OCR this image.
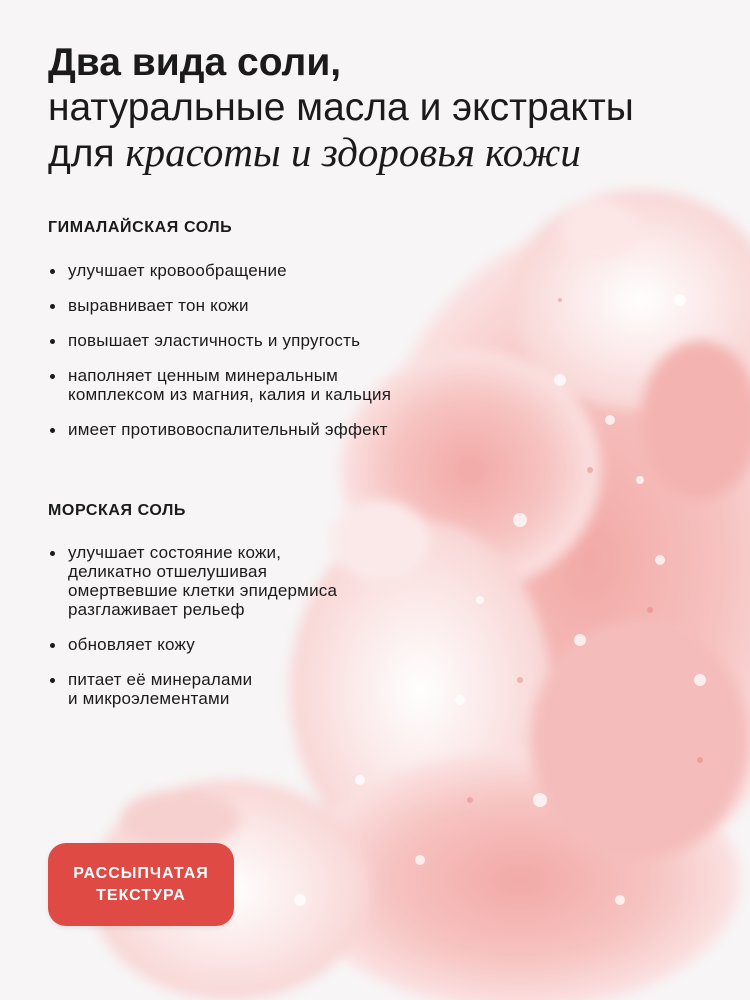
Два вида соли,
натуральные масла и экстракты
для красоты и здоровья кожи
ГИМАЛАЙСКАЯ СОЛЬ
улучшает кровообращение
выравнивает тон кожи
повышает эластичность и упругость
наполняет ценным минеральным
комплексом из магния, калия и кальция
имеет противовоспалительный эффект
МОРСКАЯ СОЛЬ
улучшает состояние кожи,
деликатно отшелушивая
омертвевшие клетки эпидермиса
разглаживает рельеф
обновляет кожу
питает её минералами
и микроэлементами
РАССЫПЧАТАЯ
ТЕКСТУРА
